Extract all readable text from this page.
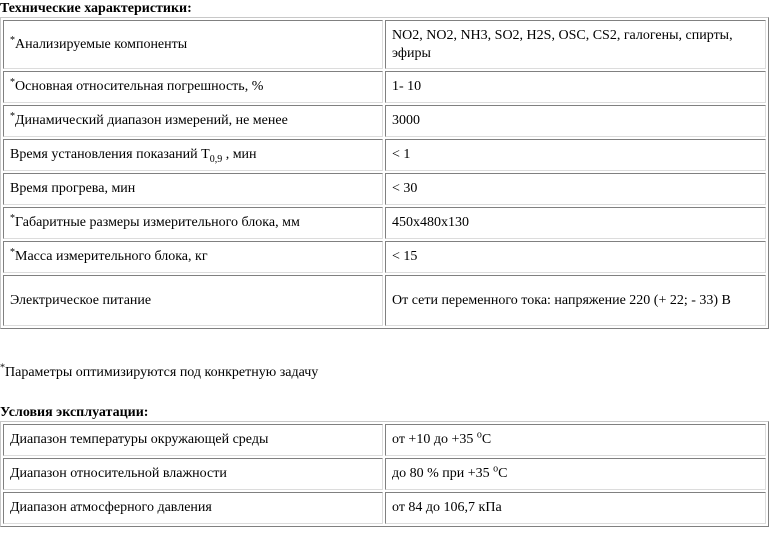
Технические характеристики:
*Анализируемые компоненты	NO2, NO2, NH3, SO2, H2S, OSC, CS2, галогены, спирты, эфиры
*Основная относительная погрешность, %	1- 10
*Динамический диапазон измерений, не менее	3000
Время установления показаний $T_{0,9}$ , мин	< 1
Время прогрева, мин	< 30
*Габаритные размеры измерительного блока, мм	450x480x130
*Масса измерительного блока, кг	< 15
Электрическое питание	От сети переменного тока: напряжение 220 (+ 22; - 33) В
*Параметры оптимизируются под конкретную задачу
Условия эксплуатации:
Диапазон температуры окружающей среды	от +10 до +35 $^o$C
Диапазон относительной влажности	до 80 % при +35 $^o$C
Диапазон атмосферного давления	от 84 до 106,7 кПа
